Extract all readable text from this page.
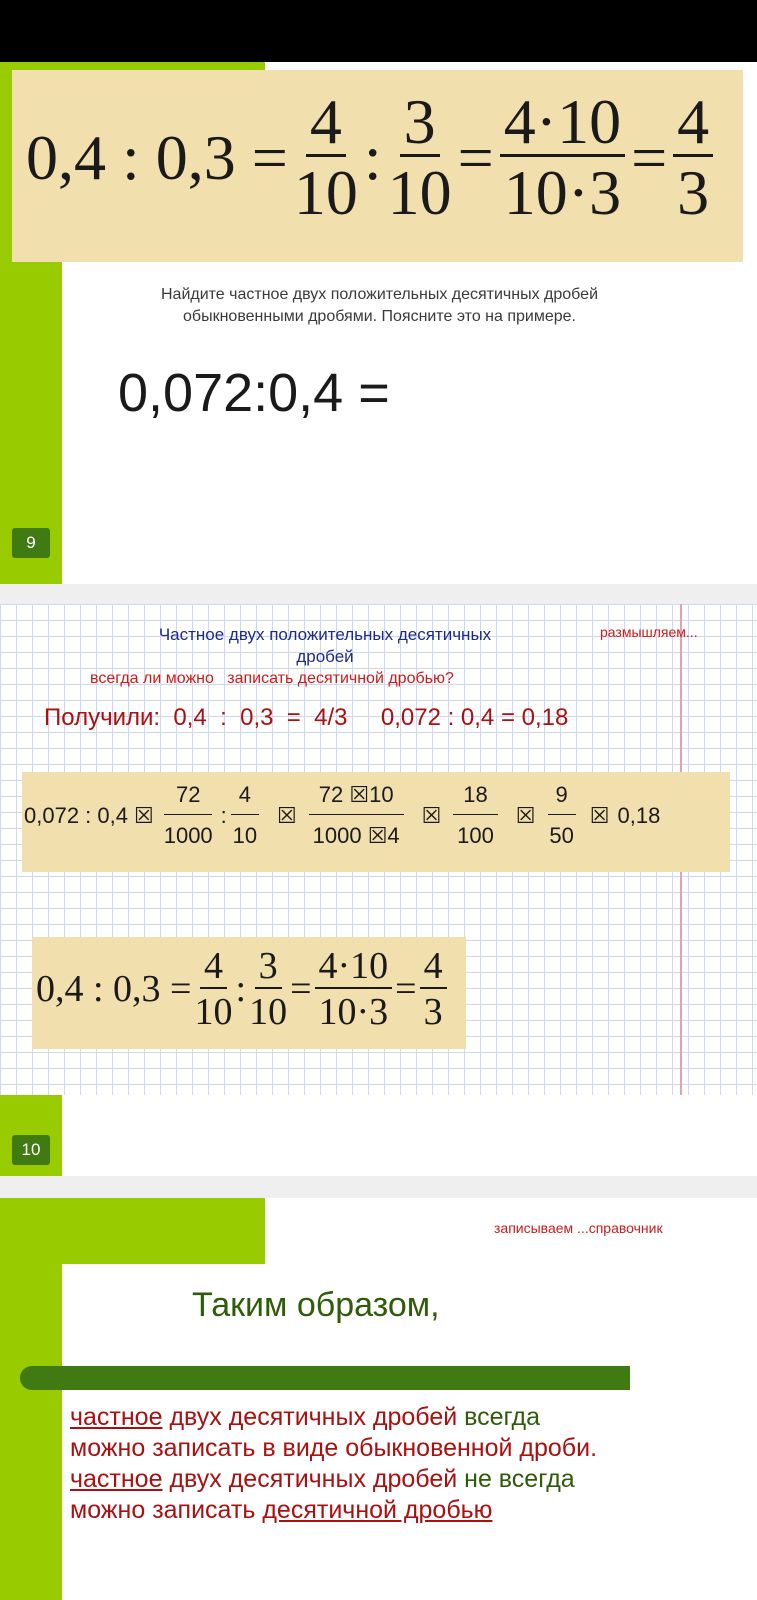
0,4 : $0,3 = \frac{4}{10}$ : $\frac{3}{10} = \frac{4\cdot 10}{10\cdot 3} = \frac{4}{3}$
Найдите частное двух положительных десятичных дробей
обыкновенными дробями. Поясните это на примере.
0,072:0,4 =
9
Частное двух положительных десятичных
дробей
размышляем...
всегда ли можно   записать десятичной дробью?
Получили:  0,4  :  0,3  =  4/3     0,072 : 0,4 = 0,18
0,072 : 0,4 ☒ $\frac{72}{1000}$ : $\frac{4}{10}$ ☒ $\frac{72 ☒10}{1000 ☒4}$ ☒ $\frac{18}{100}$ ☒ $\frac{9}{50}$ ☒ 0,18
0,4 : $0,3 = \frac{4}{10}$ : $\frac{3}{10} = \frac{4\cdot 10}{10\cdot 3} = \frac{4}{3}$
10
записываем ...справочник
Таким образом,
частное двух десятичных дробей всегда
можно записать в виде обыкновенной дроби.
частное двух десятичных дробей не всегда
можно записать десятичной дробью
